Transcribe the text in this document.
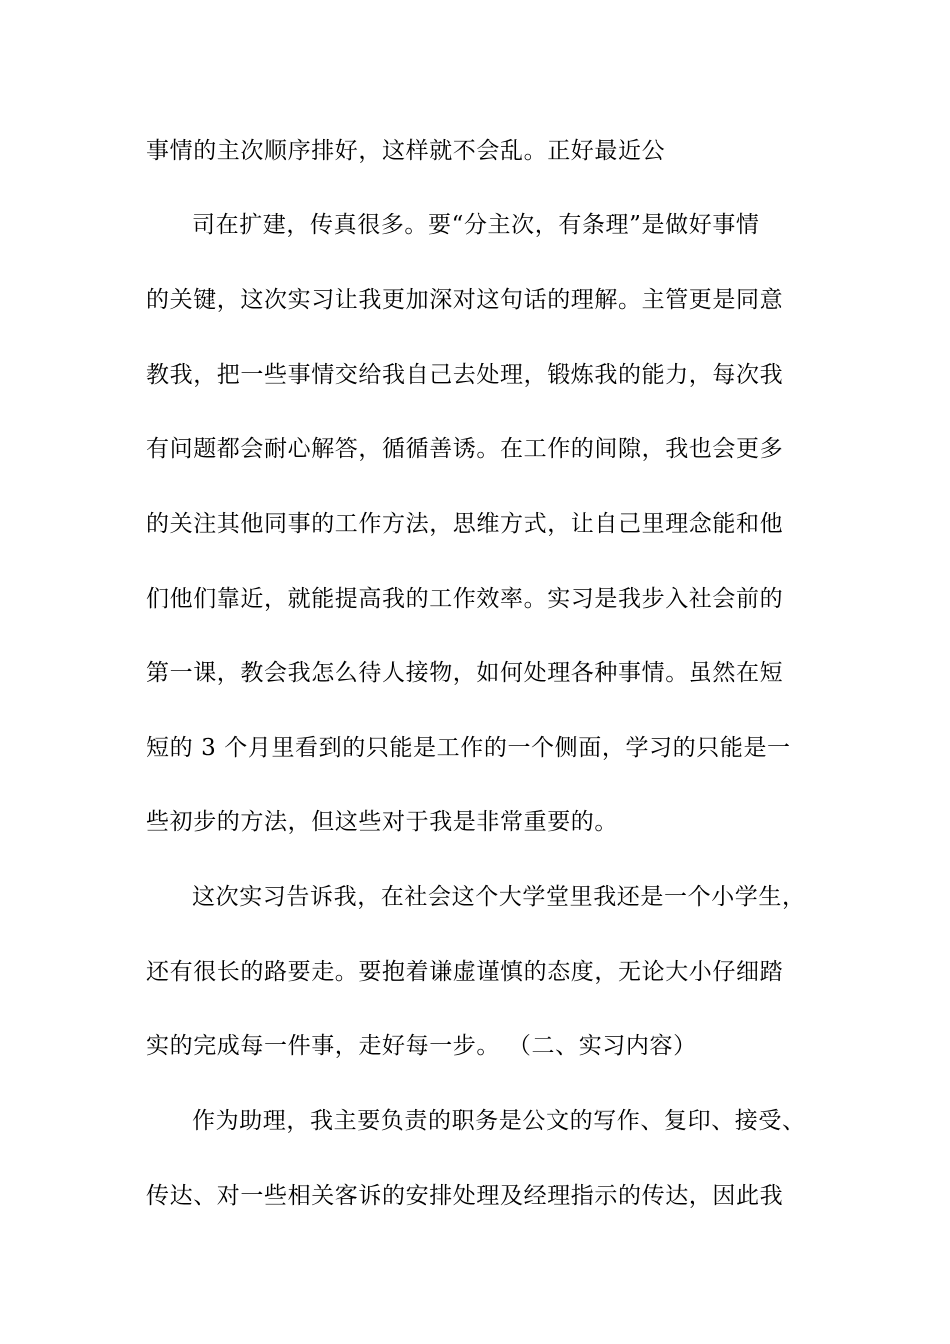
事情的主次顺序排好，这样就不会乱。正好最近公
司在扩建，传真很多。要“分主次，有条理”是做好事情
的关键，这次实习让我更加深对这句话的理解。主管更是同意
教我，把一些事情交给我自己去处理，锻炼我的能力，每次我
有问题都会耐心解答，循循善诱。在工作的间隙，我也会更多
的关注其他同事的工作方法，思维方式，让自己里理念能和他
们他们靠近，就能提高我的工作效率。实习是我步入社会前的
第一课，教会我怎么待人接物，如何处理各种事情。虽然在短
短的 3 个月里看到的只能是工作的一个侧面，学习的只能是一
些初步的方法，但这些对于我是非常重要的。
这次实习告诉我，在社会这个大学堂里我还是一个小学生，
还有很长的路要走。要抱着谦虚谨慎的态度，无论大小仔细踏
实的完成每一件事，走好每一步。 （二、实习内容）
作为助理，我主要负责的职务是公文的写作、复印、接受、
传达、对一些相关客诉的安排处理及经理指示的传达，因此我
